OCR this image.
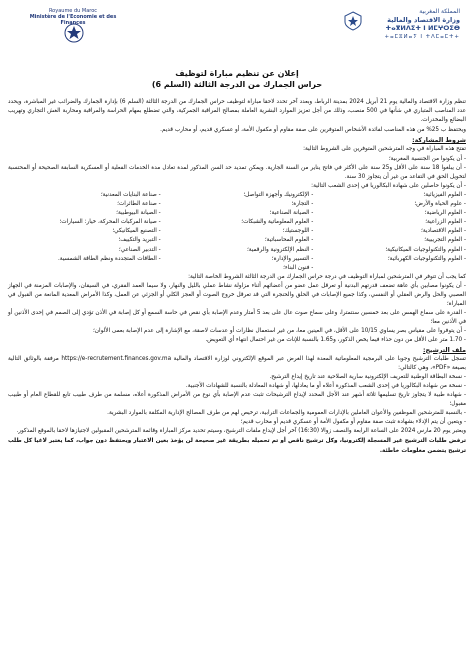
Royaume du Maroc
Ministère de l'Economie et des Finances
المملكة المغربية
وزارة الاقتصاد والمالية
ⵜⴰⴳⵍⴷⵉⵜ ⵏ ⵍⵎⵖⵔⵉⴱ
+ⴰⵎⵓⵍⴰⵢ ⵏ ⵜⴷⵎⴰⵎⵜ+
إعلان عن تنظيم مباراة لتوظيف
حراس الجمارك من الدرجة الثالثة (السلم 6)

تنظم وزارة الاقتصاد والمالية يوم 21 أبريل 2024 بمدينة الرباط، وبعدد آخر تحدد لاحقا مباراة لتوظيف حراس الجمارك من الدرجة الثالثة (السلم 6) بإدارة الجمارك والضرائب غير المباشرة، ويحدد عدد المناصب المتباري في شأنها في 500 منصب، وذلك من أجل تعزيز الموارد البشرية العاملة بمصالح المراقبة الجمركية، والتي تضطلع بمهام الحراسة والمراقبة ومحاربة الغش التجاري وتهريب البضائع والمخدرات.

ويحتفظ ب 25% من هذه المناصب لفائدة الأشخاص المتوفرين على صفة مقاوم أو مكفول الأمة، أو عسكري قديم، أو محارب قديم.

شروط المشاركة:

تفتح هذه المباراة في وجه المترشحين المتوفرين على الشروط التالية:

- أن يكونوا من الجنسية المغربية؛

- أن يبلغوا 18 سنة على الأقل و25 سنة على الأكثر في فاتح يناير من السنة الجارية. ويمكن تمديد حد السن المذكور لمدة تعادل مدة الخدمات الفعلية أو العسكرية السابقة الصحيحة أو المحتسبة لتخويل الحق في التقاعد من غير أن يتجاوز 30 سنة.

- أن يكونوا حاصلين على شهادة البكالوريا في إحدى الشعب التالية:

- العلوم الفيزيائية؛
- علوم الحياة والأرض؛
- العلوم الرياضية؛
- العلوم الزراعية؛
- العلوم الاقتصادية؛
- العلوم التجريبية؛
- العلوم والتكنولوجيات الميكانيكية؛
- العلوم والتكنولوجيات الكهربائية؛
- الإلكترونيك وأجهزة التواصل؛
- التجارة؛
- الصيانة الصناعية؛
- العلوم المعلوماتية والشبكات؛
- اللوجستيك؛
- العلوم المحاسباتية؛
- النظم الإلكترونية والرقمية؛
- التسيير والإدارة؛
- فنون البناء؛
- صناعة البنايات المعدنية؛
- صناعة الطائرات؛
- الصيانة البيوطبية؛
- صيانة المركبات المحركة، خيار: السيارات؛
- التصنيع الميكانيكي؛
- التبريد والتكييف؛
- التدبير الصناعي؛
- الطاقات المتجددة ونظم الطاقة الشمسية.

كما يجب أن تتوفر في المترشحين لمباراة التوظيف في درجة حراس الجمارك من الدرجة الثالثة الشروط الخاصة التالية:

- أن يكونوا مصابين بأي عاهة تضعف قدرتهم البدنية أو تعرقل عمل عضو من أعضائهم أثناء مزاولة نشاط عملي بالليل والنهار، ولا سيما العمد الفقري، في السيقان، والإصابات المزمنة في الجهاز العصبي والحل والرض العقلي أو النفسي، وكذا جميع الإصابات في الحلق والحنجرة التي قد تعرقل خروج الصوت أو العجز الكلي أو الجزئي عن العمل، وكذا الأمراض المعدية المانعة من القبول في المباراة؛

- القدرة على سماع الهمس على بعد خمسين سنتمترا، وعلى سماع صوت عال على بعد 5 أمتار وعدم الإصابة بأي نقص في حاسة السمع أو كل إصابة في الأذن تؤدي إلى الصمم في إحدى الأذنين أو في الأذنين معا؛

- أن يتوفروا على مقياس بصر يساوي 10/15 على الأقل، في العينين معا، من غير استعمال نظارات أو عدسات لاصقة، مع الإشارة إلى عدم الإصابة بعمى الألوان؛

- 1.70 متر على الأقل من دون حذاء فيما يخص الذكور، و1.65 بالنسبة للإناث من غير احتمال انتهاء أي التعويض.

ملف الترشيح:

تسجل طلبات الترشيح وجوبا على البرمجية المعلوماتية المعدة لهذا الغرض عبر الموقع الإلكتروني لوزارة الاقتصاد والمالية https://e-recrutement.finances.gov.ma مرفقة بالوثائق التالية بصيغة «PDF»، وهي كالتالي:

- نسخة البطاقة الوطنية للتعريف الإلكترونية سارية الصلاحية عند تاريخ إيداع الترشيح.

- نسخة من شهادة البكالوريا في إحدى الشعب المذكورة أعلاه أو ما يعادلها، أو شهادة المعادلة بالنسبة للشهادات الأجنبية.

- شهادة طبية لا يتجاوز تاريخ تسليمها ثلاثة أشهر عند الأجل المحدد لإيداع الترشيحات تثبت عدم الإصابة بأي نوع من الأمراض المذكورة أعلاه، مسلمة من طرف طبيب تابع للقطاع العام أو طبيب مقبول؛

- بالنسبة للمترشحين الموظفين والأعوان العاملين بالإدارات العمومية والجماعات الترابية، ترخيص لهم من طرف المصالح الإدارية المكلفة بالموارد البشرية.

- ويتعين أن يتم الإدلاء بشهادة تثبت صفة مقاوم أو مكفول الأمة أو عسكري قديم أو محارب قديم؛

ويعتبر يوم 20 مارس 2024 على الساعة الرابعة والنصف زوالا (16:30) آخر أجل لإيداع ملفات الترشيح، وسيتم تحديد مركز المباراة وقائمة المترشحين المقبولين لاجتيازها لاحقا بالموقع المذكور.

ترفض طلبات الترشيح غير المسجلة إلكترونيا، وكل ترشيح ناقص أو تم تحميله بطريقة غير صحيحة لن يؤخذ بعين الاعتبار ويحتفظ دون جواب، كما يعتبر لاغيا كل طلب ترشيح يتضمن معلومات خاطئة.
